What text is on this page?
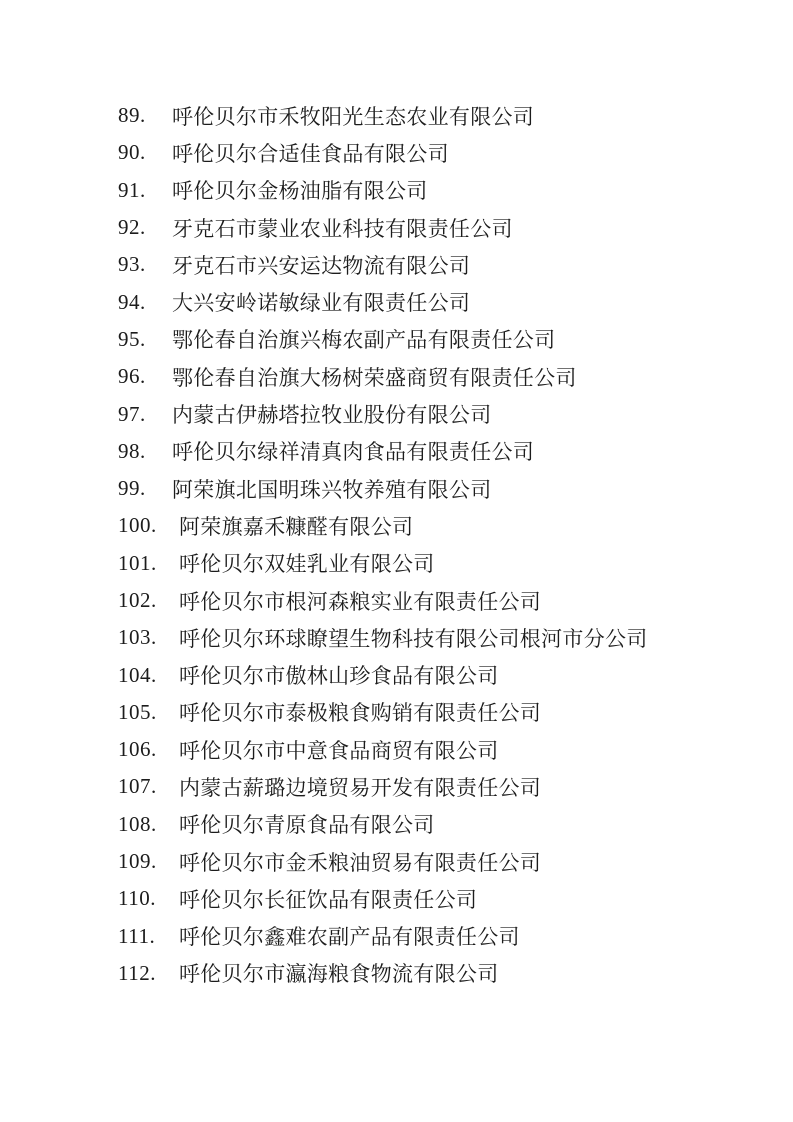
89.	呼伦贝尔市禾牧阳光生态农业有限公司
90.	呼伦贝尔合适佳食品有限公司
91.	呼伦贝尔金杨油脂有限公司
92.	牙克石市蒙业农业科技有限责任公司
93.	牙克石市兴安运达物流有限公司
94.	大兴安岭诺敏绿业有限责任公司
95.	鄂伦春自治旗兴梅农副产品有限责任公司
96.	鄂伦春自治旗大杨树荣盛商贸有限责任公司
97.	内蒙古伊赫塔拉牧业股份有限公司
98.	呼伦贝尔绿祥清真肉食品有限责任公司
99.	阿荣旗北国明珠兴牧养殖有限公司
100.	阿荣旗嘉禾糠醛有限公司
101.	呼伦贝尔双娃乳业有限公司
102.	呼伦贝尔市根河森粮实业有限责任公司
103.	呼伦贝尔环球瞭望生物科技有限公司根河市分公司
104.	呼伦贝尔市傲林山珍食品有限公司
105.	呼伦贝尔市泰极粮食购销有限责任公司
106.	呼伦贝尔市中意食品商贸有限公司
107.	内蒙古薪璐边境贸易开发有限责任公司
108.	呼伦贝尔青原食品有限公司
109.	呼伦贝尔市金禾粮油贸易有限责任公司
110.	呼伦贝尔长征饮品有限责任公司
111.	呼伦贝尔鑫难农副产品有限责任公司
112.	呼伦贝尔市瀛海粮食物流有限公司
